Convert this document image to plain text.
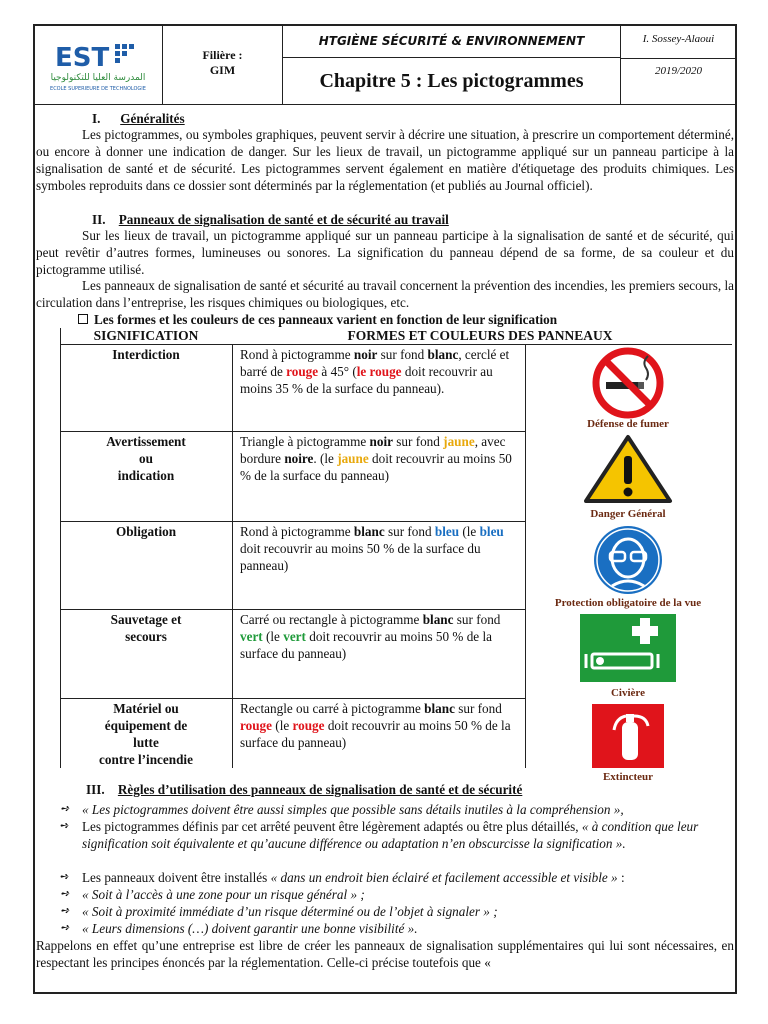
EST
المدرسة العليا للتكنولوجيا
ECOLE SUPERIEURE DE TECHNOLOGIE
Filière :
GIM
HTGIÈNE SÉCURITÉ & ENVIRONNEMENT
Chapitre 5 : Les pictogrammes
I. Sossey-Alaoui
2019/2020
I. Généralités
Les pictogrammes, ou symboles graphiques, peuvent servir à décrire une situation, à prescrire un comportement déterminé, ou encore à donner une indication de danger. Sur les lieux de travail, un pictogramme appliqué sur un panneau participe à la signalisation de santé et de sécurité. Les pictogrammes servent également en matière d'étiquetage des produits chimiques. Les symboles reproduits dans ce dossier sont déterminés par la réglementation (et publiés au Journal officiel).
II. Panneaux de signalisation de santé et de sécurité au travail
Sur les lieux de travail, un pictogramme appliqué sur un panneau participe à la signalisation de santé et de sécurité, qui peut revêtir d’autres formes, lumineuses ou sonores. La signification du panneau dépend de sa forme, de sa couleur et du pictogramme utilisé.
Les panneaux de signalisation de santé et sécurité au travail concernent la prévention des incendies, les premiers secours, la circulation dans l’entreprise, les risques chimiques ou biologiques, etc.
Les formes et les couleurs de ces panneaux varient en fonction de leur signification
SIGNIFICATION	FORMES ET COULEURS DES PANNEAUX
Interdiction	Rond à pictogramme noir sur fond blanc, cerclé et barré de rouge à 45° (le rouge doit recouvrir au moins 35 % de la surface du panneau).
Défense de fumer
Avertissement
ou
indication
Triangle à pictogramme noir sur fond jaune, avec bordure noire. (le jaune doit recouvrir au moins 50 % de la surface du panneau)
Danger Général
Obligation	Rond à pictogramme blanc sur fond bleu (le bleu doit recouvrir au moins 50 % de la surface du panneau)
Protection obligatoire de la vue
Sauvetage et
secours
Carré ou rectangle à pictogramme blanc sur fond vert (le vert doit recouvrir au moins 50 % de la surface du panneau)
Civière
Matériel ou
équipement de
lutte
contre l’incendie
Rectangle ou carré à pictogramme blanc sur fond rouge (le rouge doit recouvrir au moins 50 % de la surface du panneau)
Extincteur
III. Règles d’utilisation des panneaux de signalisation de santé et de sécurité
➺ « Les pictogrammes doivent être aussi simples que possible sans détails inutiles à la compréhension »,
➺ Les pictogrammes définis par cet arrêté peuvent être légèrement adaptés ou être plus détaillés, « à condition que leur signification soit équivalente et qu’aucune différence ou adaptation n’en obscurcisse la signification ».
➺ Les panneaux doivent être installés « dans un endroit bien éclairé et facilement accessible et visible » :
➺ « Soit à l’accès à une zone pour un risque général » ;
➺ « Soit à proximité immédiate d’un risque déterminé ou de l’objet à signaler » ;
➺ « Leurs dimensions (…) doivent garantir une bonne visibilité ».
Rappelons en effet qu’une entreprise est libre de créer les panneaux de signalisation supplémentaires qui lui sont nécessaires, en respectant les principes énoncés par la réglementation. Celle-ci précise toutefois que «
